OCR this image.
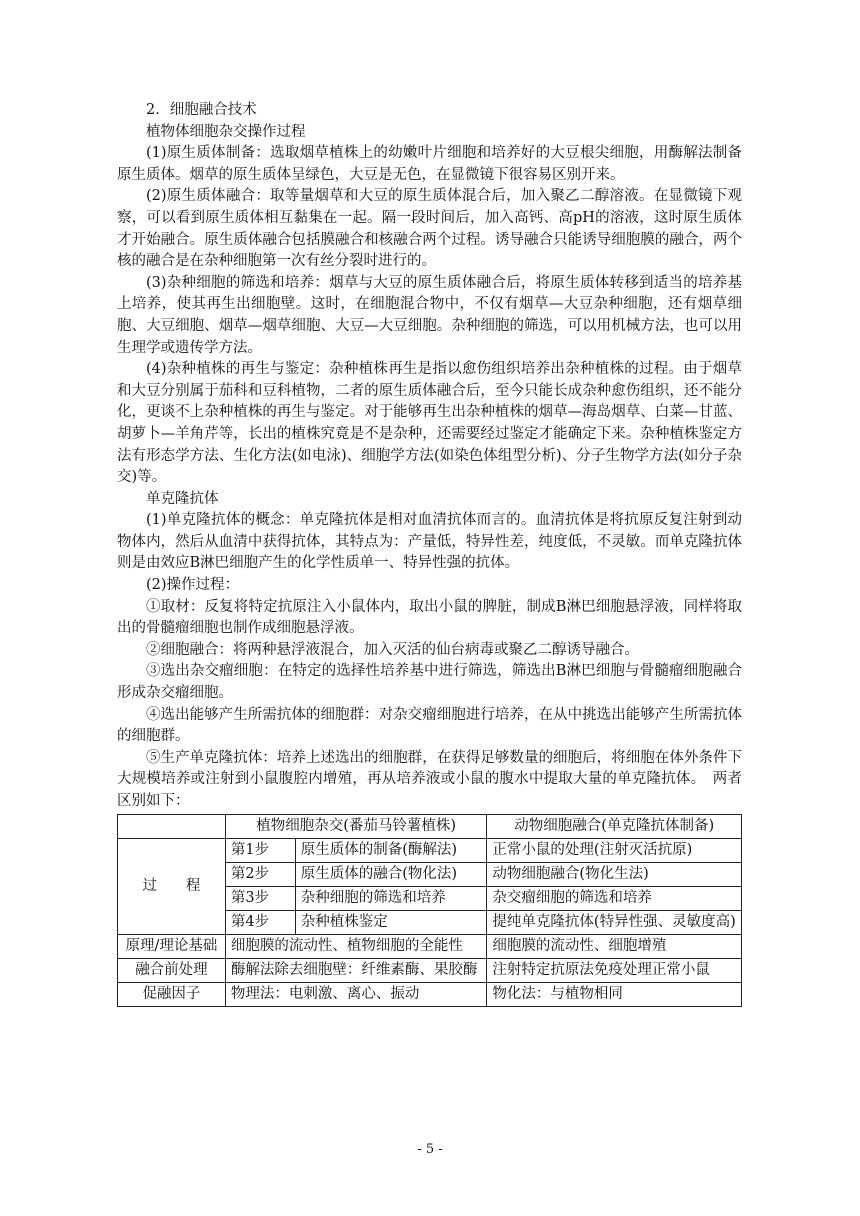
2．细胞融合技术

植物体细胞杂交操作过程

(1)原生质体制备：选取烟草植株上的幼嫩叶片细胞和培养好的大豆根尖细胞，用酶解法制备原生质体。烟草的原生质体呈绿色，大豆是无色，在显微镜下很容易区别开来。

(2)原生质体融合：取等量烟草和大豆的原生质体混合后，加入聚乙二醇溶液。在显微镜下观察，可以看到原生质体相互黏集在一起。隔一段时间后，加入高钙、高pH的溶液，这时原生质体才开始融合。原生质体融合包括膜融合和核融合两个过程。诱导融合只能诱导细胞膜的融合，两个核的融合是在杂种细胞第一次有丝分裂时进行的。

(3)杂种细胞的筛选和培养：烟草与大豆的原生质体融合后，将原生质体转移到适当的培养基上培养，使其再生出细胞壁。这时，在细胞混合物中，不仅有烟草—大豆杂种细胞，还有烟草细胞、大豆细胞、烟草—烟草细胞、大豆—大豆细胞。杂种细胞的筛选，可以用机械方法，也可以用生理学或遗传学方法。

(4)杂种植株的再生与鉴定：杂种植株再生是指以愈伤组织培养出杂种植株的过程。由于烟草和大豆分别属于茄科和豆科植物，二者的原生质体融合后，至今只能长成杂种愈伤组织，还不能分化，更谈不上杂种植株的再生与鉴定。对于能够再生出杂种植株的烟草—海岛烟草、白菜—甘蓝、胡萝卜—羊角芹等，长出的植株究竟是不是杂种，还需要经过鉴定才能确定下来。杂种植株鉴定方法有形态学方法、生化方法(如电泳)、细胞学方法(如染色体组型分析)、分子生物学方法(如分子杂交)等。

单克隆抗体

(1)单克隆抗体的概念：单克隆抗体是相对血清抗体而言的。血清抗体是将抗原反复注射到动物体内，然后从血清中获得抗体，其特点为：产量低，特异性差，纯度低，不灵敏。而单克隆抗体则是由效应B淋巴细胞产生的化学性质单一、特异性强的抗体。

(2)操作过程：

①取材：反复将特定抗原注入小鼠体内，取出小鼠的脾脏，制成B淋巴细胞悬浮液，同样将取出的骨髓瘤细胞也制作成细胞悬浮液。

②细胞融合：将两种悬浮液混合，加入灭活的仙台病毒或聚乙二醇诱导融合。

③选出杂交瘤细胞：在特定的选择性培养基中进行筛选，筛选出B淋巴细胞与骨髓瘤细胞融合形成杂交瘤细胞。

④选出能够产生所需抗体的细胞群：对杂交瘤细胞进行培养，在从中挑选出能够产生所需抗体的细胞群。

⑤生产单克隆抗体：培养上述选出的细胞群，在获得足够数量的细胞后，将细胞在体外条件下大规模培养或注射到小鼠腹腔内增殖，再从培养液或小鼠的腹水中提取大量的单克隆抗体。　两者区别如下：

	植物细胞杂交(番茄马铃薯植株)		动物细胞融合(单克隆抗体制备)
过　　程	第1步	原生质体的制备(酶解法)	正常小鼠的处理(注射灭活抗原)
	第2步	原生质体的融合(物化法)	动物细胞融合(物化生法)
	第3步	杂种细胞的筛选和培养	杂交瘤细胞的筛选和培养
	第4步	杂种植株鉴定	提纯单克隆抗体(特异性强、灵敏度高)
原理/理论基础	细胞膜的流动性、植物细胞的全能性		细胞膜的流动性、细胞增殖
融合前处理	酶解法除去细胞壁：纤维素酶、果胶酶		注射特定抗原法免疫处理正常小鼠
促融因子	物理法：电刺激、离心、振动		物化法：与植物相同
- 5 -
